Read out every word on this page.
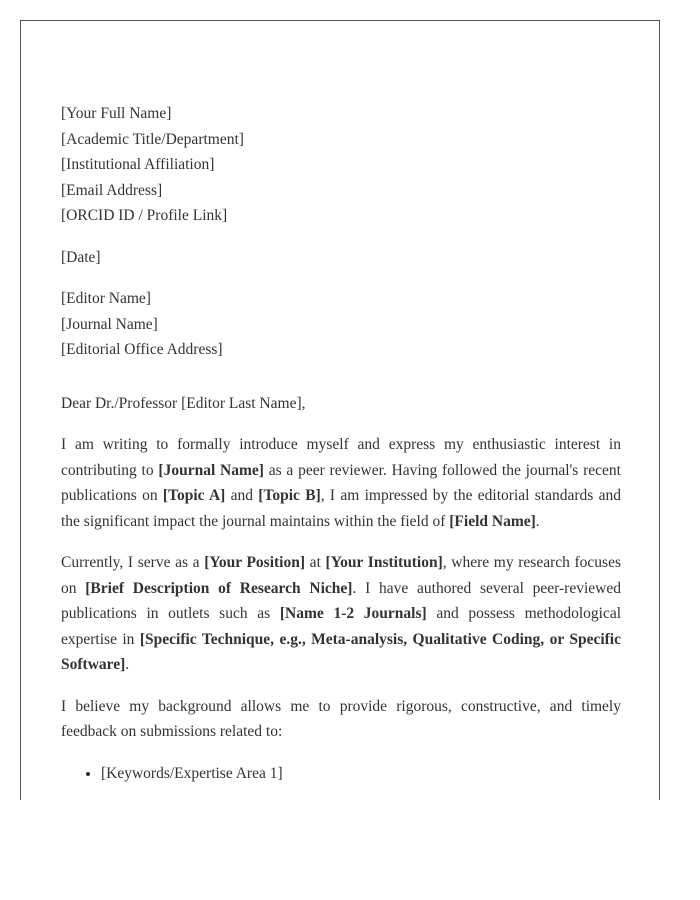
[Your Full Name]
[Academic Title/Department]
[Institutional Affiliation]
[Email Address]
[ORCID ID / Profile Link]
[Date]
[Editor Name]
[Journal Name]
[Editorial Office Address]
Dear Dr./Professor [Editor Last Name],

I am writing to formally introduce myself and express my enthusiastic interest in contributing to [Journal Name] as a peer reviewer. Having followed the journal's recent publications on [Topic A] and [Topic B], I am impressed by the editorial standards and the significant impact the journal maintains within the field of [Field Name].

Currently, I serve as a [Your Position] at [Your Institution], where my research focuses on [Brief Description of Research Niche]. I have authored several peer-reviewed publications in outlets such as [Name 1-2 Journals] and possess methodological expertise in [Specific Technique, e.g., Meta-analysis, Qualitative Coding, or Specific Software].

I believe my background allows me to provide rigorous, constructive, and timely feedback on submissions related to:

• [Keywords/Expertise Area 1]
